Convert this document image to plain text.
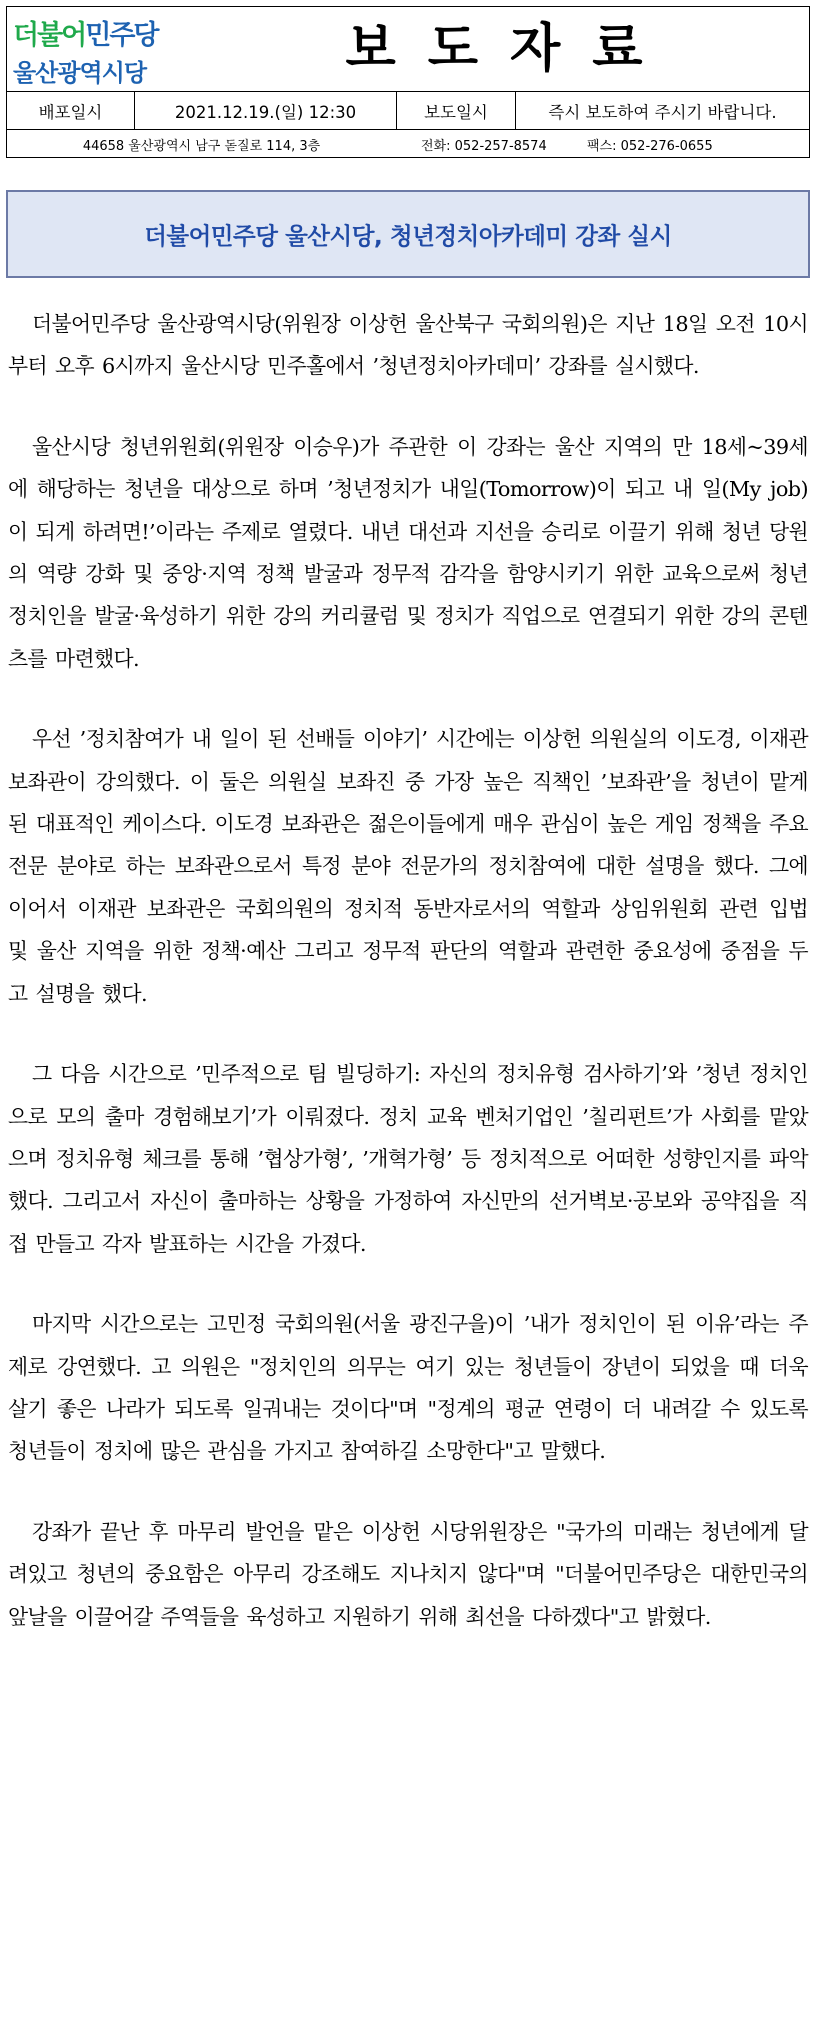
더불어민주당
울산광역시당	보도자료
배포일시	2021.12.19.(일) 12:30	보도일시	즉시 보도하여 주시기 바랍니다.
44658 울산광역시 남구 돋질로 114, 3층	전화: 052-257-8574	팩스: 052-276-0655
더불어민주당 울산시당, 청년정치아카데미 강좌 실시

더불어민주당 울산광역시당(위원장 이상헌 울산북구 국회의원)은 지난 18일 오전 10시부터 오후 6시까지 울산시당 민주홀에서 ’청년정치아카데미’ 강좌를 실시했다.

울산시당 청년위원회(위원장 이승우)가 주관한 이 강좌는 울산 지역의 만 18세~39세에 해당하는 청년을 대상으로 하며 ’청년정치가 내일(Tomorrow)이 되고 내 일(My job)이 되게 하려면!’이라는 주제로 열렸다. 내년 대선과 지선을 승리로 이끌기 위해 청년 당원의 역량 강화 및 중앙·지역 정책 발굴과 정무적 감각을 함양시키기 위한 교육으로써 청년 정치인을 발굴·육성하기 위한 강의 커리큘럼 및 정치가 직업으로 연결되기 위한 강의 콘텐츠를 마련했다.

우선 ’정치참여가 내 일이 된 선배들 이야기’ 시간에는 이상헌 의원실의 이도경, 이재관 보좌관이 강의했다. 이 둘은 의원실 보좌진 중 가장 높은 직책인 ’보좌관’을 청년이 맡게 된 대표적인 케이스다. 이도경 보좌관은 젊은이들에게 매우 관심이 높은 게임 정책을 주요 전문 분야로 하는 보좌관으로서 특정 분야 전문가의 정치참여에 대한 설명을 했다. 그에 이어서 이재관 보좌관은 국회의원의 정치적 동반자로서의 역할과 상임위원회 관련 입법 및 울산 지역을 위한 정책·예산 그리고 정무적 판단의 역할과 관련한 중요성에 중점을 두고 설명을 했다.

그 다음 시간으로 ’민주적으로 팀 빌딩하기: 자신의 정치유형 검사하기’와 ’청년 정치인으로 모의 출마 경험해보기’가 이뤄졌다. 정치 교육 벤처기업인 ’칠리펀트’가 사회를 맡았으며 정치유형 체크를 통해 ’협상가형’, ’개혁가형’ 등 정치적으로 어떠한 성향인지를 파악했다. 그리고서 자신이 출마하는 상황을 가정하여 자신만의 선거벽보·공보와 공약집을 직접 만들고 각자 발표하는 시간을 가졌다.

마지막 시간으로는 고민정 국회의원(서울 광진구을)이 ’내가 정치인이 된 이유’라는 주제로 강연했다. 고 의원은 "정치인의 의무는 여기 있는 청년들이 장년이 되었을 때 더욱 살기 좋은 나라가 되도록 일궈내는 것이다"며 "정계의 평균 연령이 더 내려갈 수 있도록 청년들이 정치에 많은 관심을 가지고 참여하길 소망한다"고 말했다.

강좌가 끝난 후 마무리 발언을 맡은 이상헌 시당위원장은 "국가의 미래는 청년에게 달려있고 청년의 중요함은 아무리 강조해도 지나치지 않다"며 "더불어민주당은 대한민국의 앞날을 이끌어갈 주역들을 육성하고 지원하기 위해 최선을 다하겠다"고 밝혔다.
